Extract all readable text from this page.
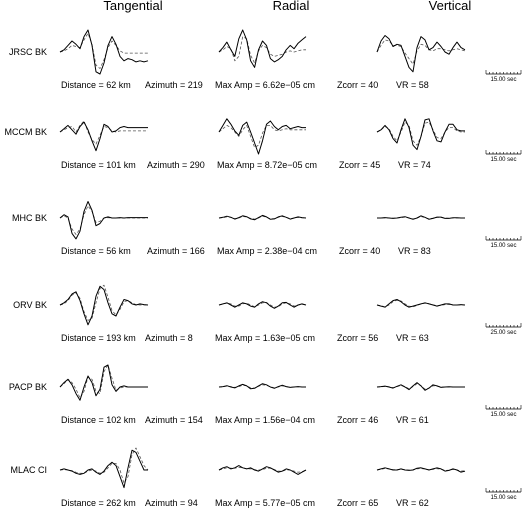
Tangential	Radial	Vertical
JRSC BK
Distance = 62 km Azimuth = 219 Max Amp = 6.62e−05 cm Zcorr = 40 VR = 58	15.00 sec
MCCM BK
Distance = 101 km Azimuth = 290 Max Amp = 8.72e−05 cm Zcorr = 45 VR = 74	15.00 sec
MHC BK
Distance = 56 km Azimuth = 166 Max Amp = 2.38e−04 cm Zcorr = 40 VR = 83	15.00 sec
ORV BK
Distance = 193 km Azimuth = 8 Max Amp = 1.63e−05 cm Zcorr = 56 VR = 63	25.00 sec
PACP BK
Distance = 102 km Azimuth = 154 Max Amp = 1.56e−04 cm Zcorr = 46 VR = 61	15.00 sec
MLAC CI
Distance = 262 km Azimuth = 94 Max Amp = 5.77e−05 cm Zcorr = 65 VR = 62	15.00 sec
